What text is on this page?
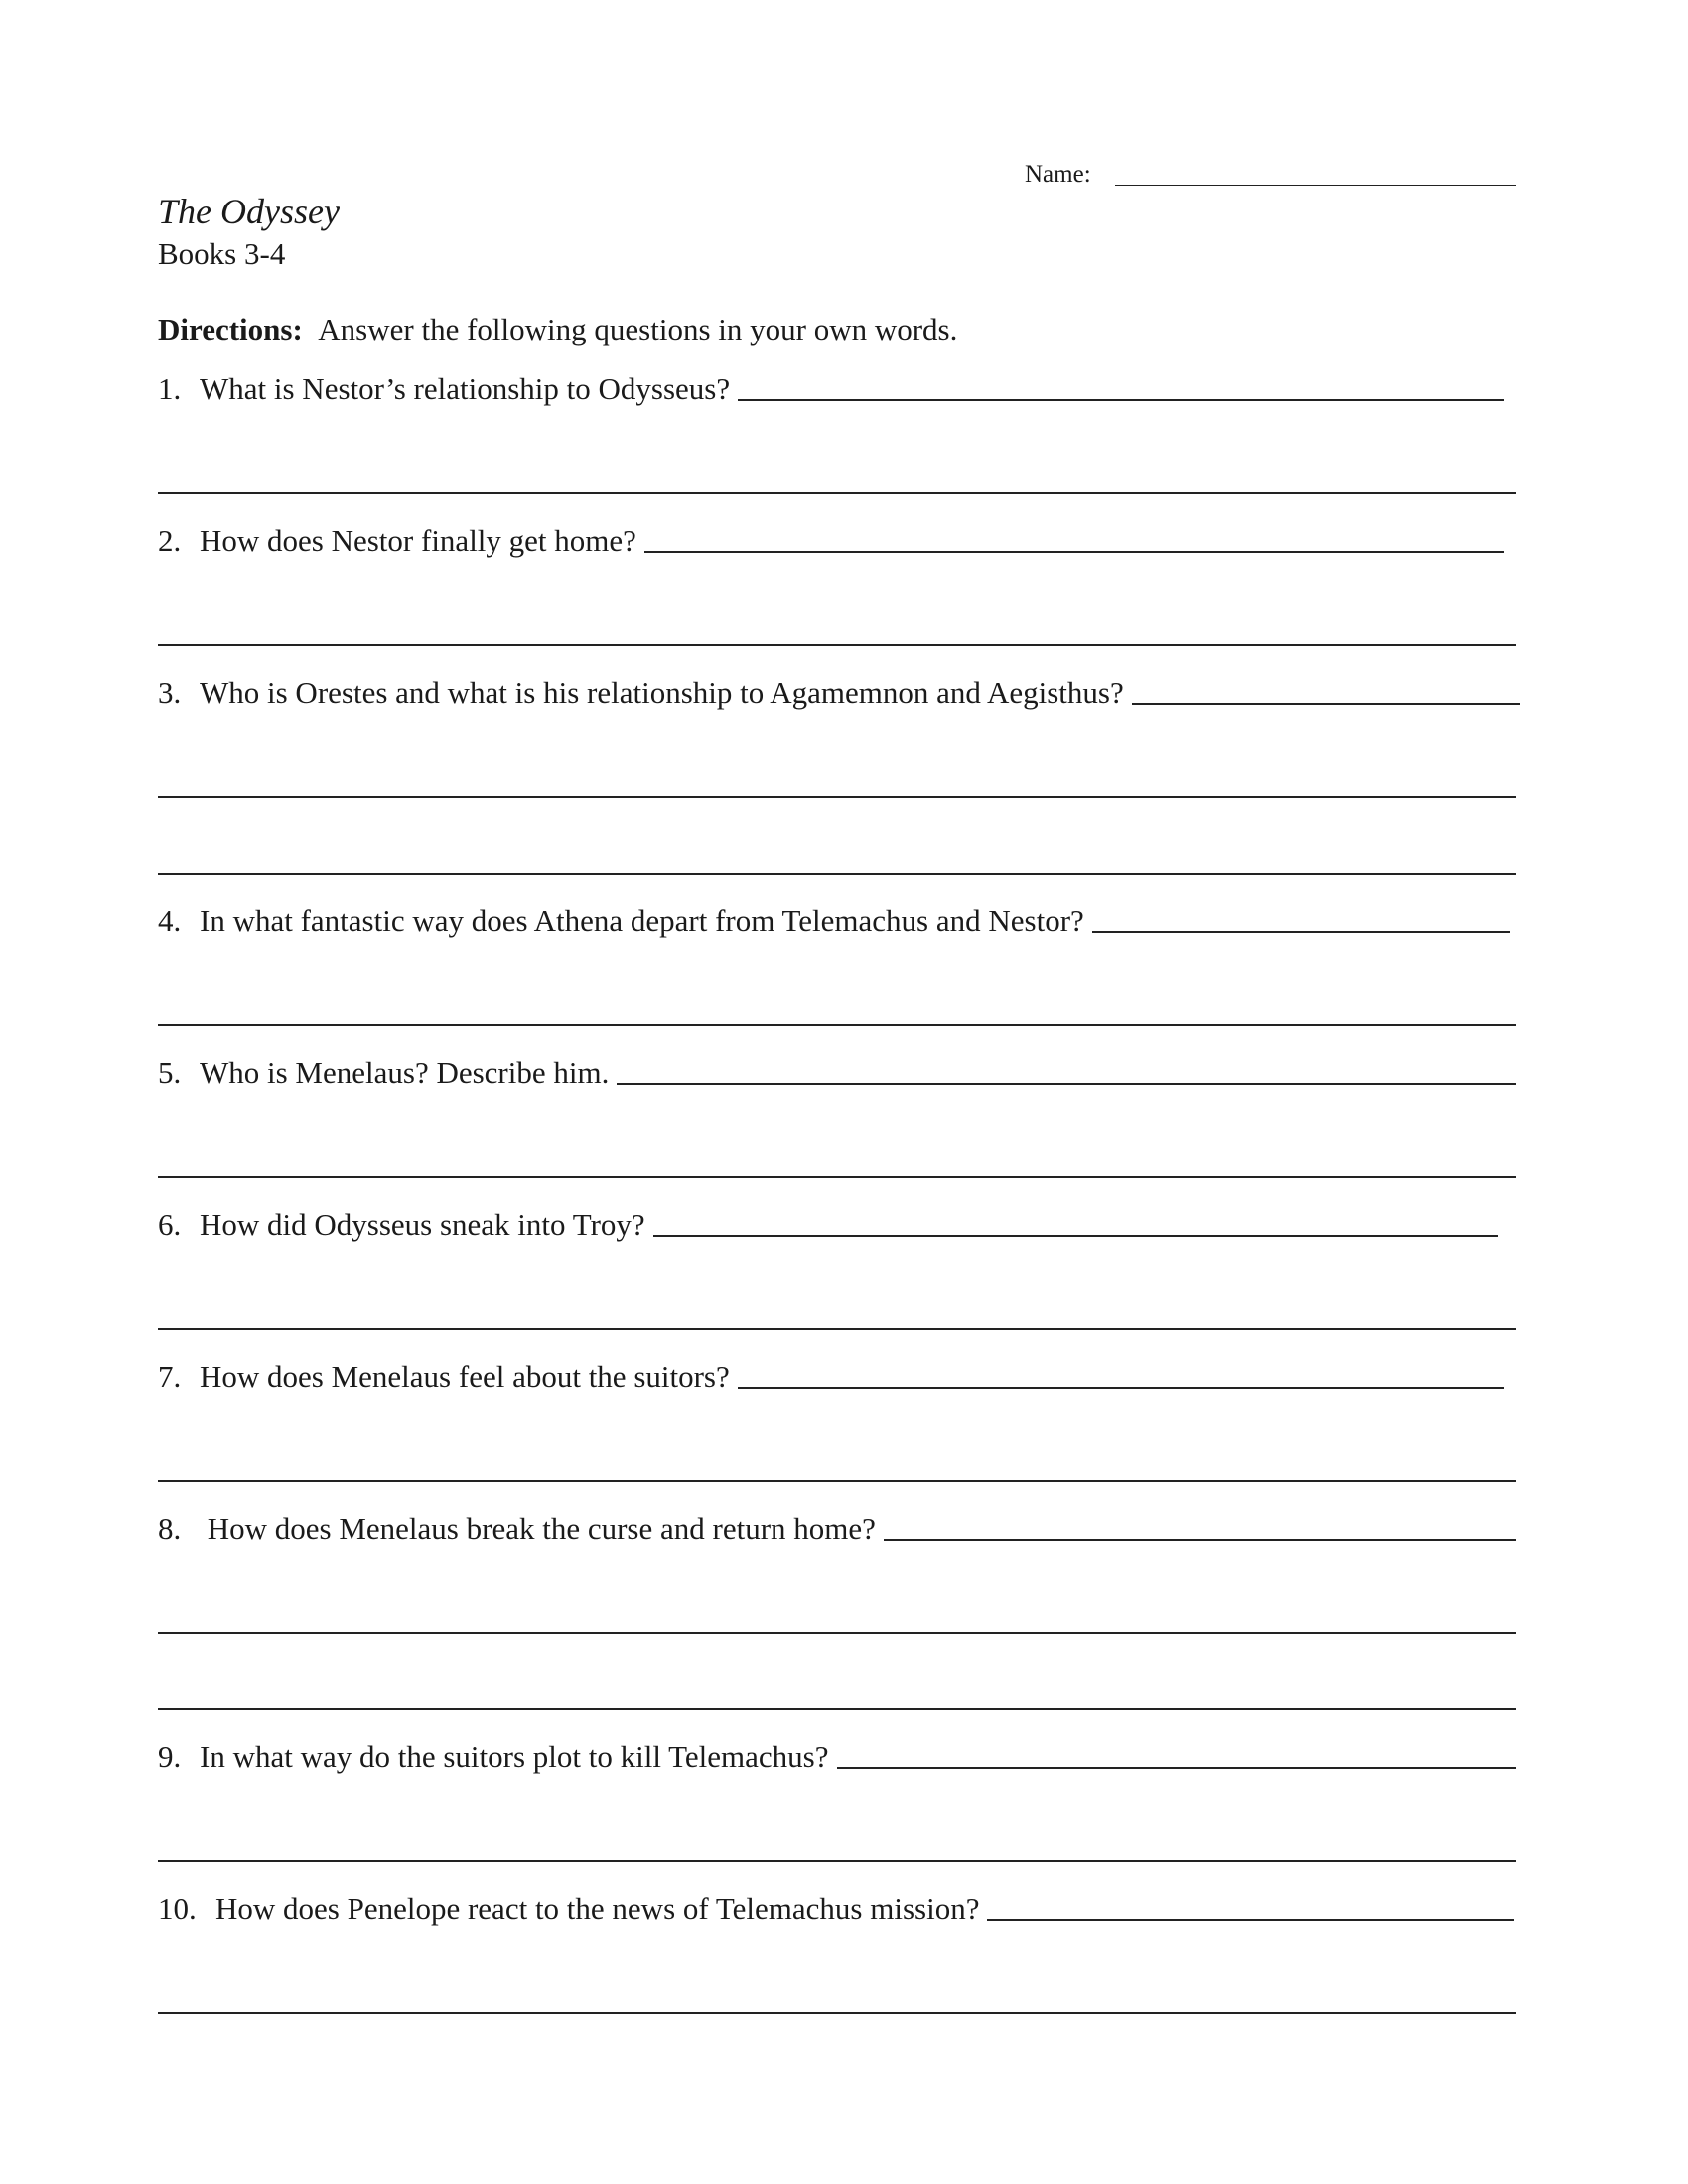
Name:
The Odyssey
Books 3-4
Directions: Answer the following questions in your own words.
1. What is Nestor’s relationship to Odysseus?
2. How does Nestor finally get home?
3. Who is Orestes and what is his relationship to Agamemnon and Aegisthus?
4. In what fantastic way does Athena depart from Telemachus and Nestor?
5. Who is Menelaus? Describe him.
6. How did Odysseus sneak into Troy?
7. How does Menelaus feel about the suitors?
8. How does Menelaus break the curse and return home?
9. In what way do the suitors plot to kill Telemachus?
10. How does Penelope react to the news of Telemachus mission?
